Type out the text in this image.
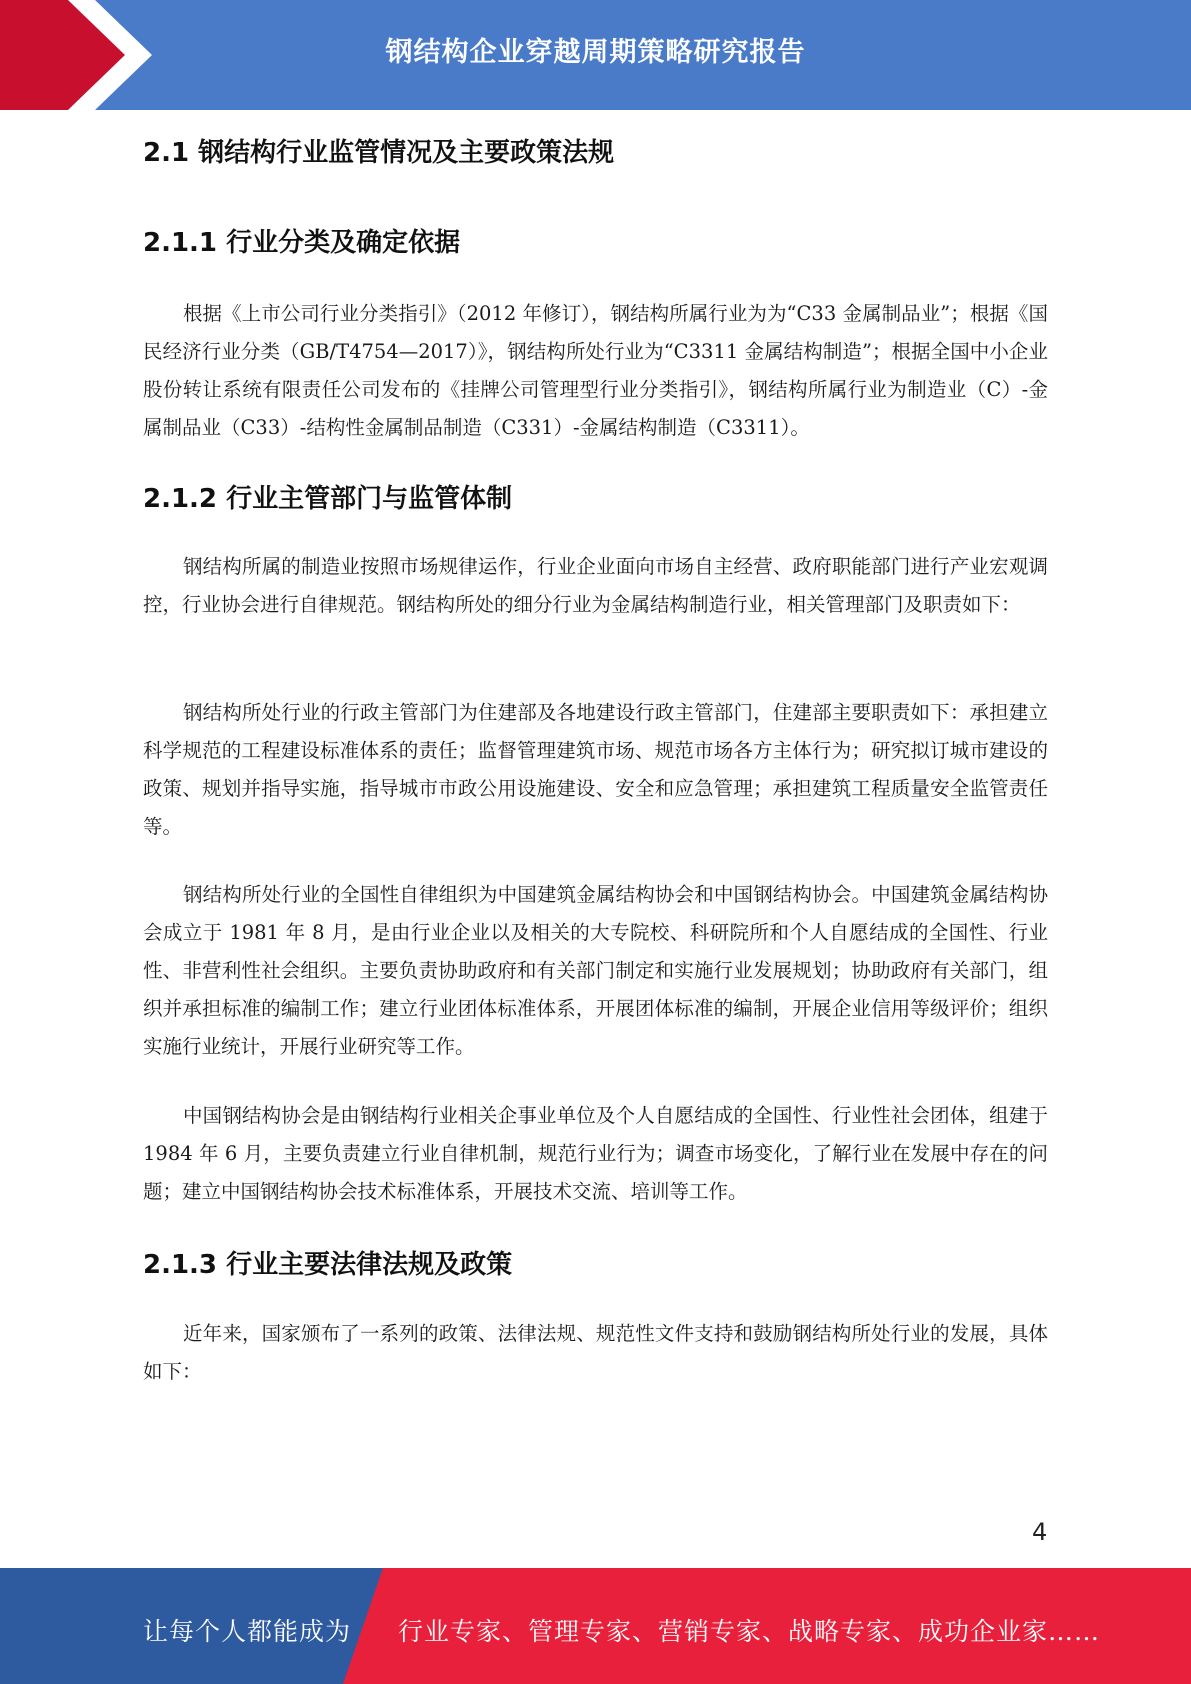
钢结构企业穿越周期策略研究报告
2.1 钢结构行业监管情况及主要政策法规
2.1.1 行业分类及确定依据

根据《上市公司行业分类指引》（2012 年修订），钢结构所属行业为为“C33 金属制品业”；根据《国民经济行业分类（GB/T4754—2017）》，钢结构所处行业为“C3311 金属结构制造”；根据全国中小企业股份转让系统有限责任公司发布的《挂牌公司管理型行业分类指引》，钢结构所属行业为制造业（C）-金属制品业（C33）-结构性金属制品制造（C331）-金属结构制造（C3311）。

2.1.2 行业主管部门与监管体制

钢结构所属的制造业按照市场规律运作，行业企业面向市场自主经营、政府职能部门进行产业宏观调控，行业协会进行自律规范。钢结构所处的细分行业为金属结构制造行业，相关管理部门及职责如下：

钢结构所处行业的行政主管部门为住建部及各地建设行政主管部门，住建部主要职责如下：承担建立科学规范的工程建设标准体系的责任；监督管理建筑市场、规范市场各方主体行为；研究拟订城市建设的政策、规划并指导实施，指导城市市政公用设施建设、安全和应急管理；承担建筑工程质量安全监管责任等。

钢结构所处行业的全国性自律组织为中国建筑金属结构协会和中国钢结构协会。中国建筑金属结构协会成立于 1981 年 8 月，是由行业企业以及相关的大专院校、科研院所和个人自愿结成的全国性、行业性、非营利性社会组织。主要负责协助政府和有关部门制定和实施行业发展规划；协助政府有关部门，组织并承担标准的编制工作；建立行业团体标准体系，开展团体标准的编制，开展企业信用等级评价；组织实施行业统计，开展行业研究等工作。

中国钢结构协会是由钢结构行业相关企事业单位及个人自愿结成的全国性、行业性社会团体，组建于 1984 年 6 月，主要负责建立行业自律机制，规范行业行为；调查市场变化，了解行业在发展中存在的问题；建立中国钢结构协会技术标准体系，开展技术交流、培训等工作。

2.1.3 行业主要法律法规及政策

近年来，国家颁布了一系列的政策、法律法规、规范性文件支持和鼓励钢结构所处行业的发展，具体如下：

4
让每个人都能成为 行业专家、管理专家、营销专家、战略专家、成功企业家……
